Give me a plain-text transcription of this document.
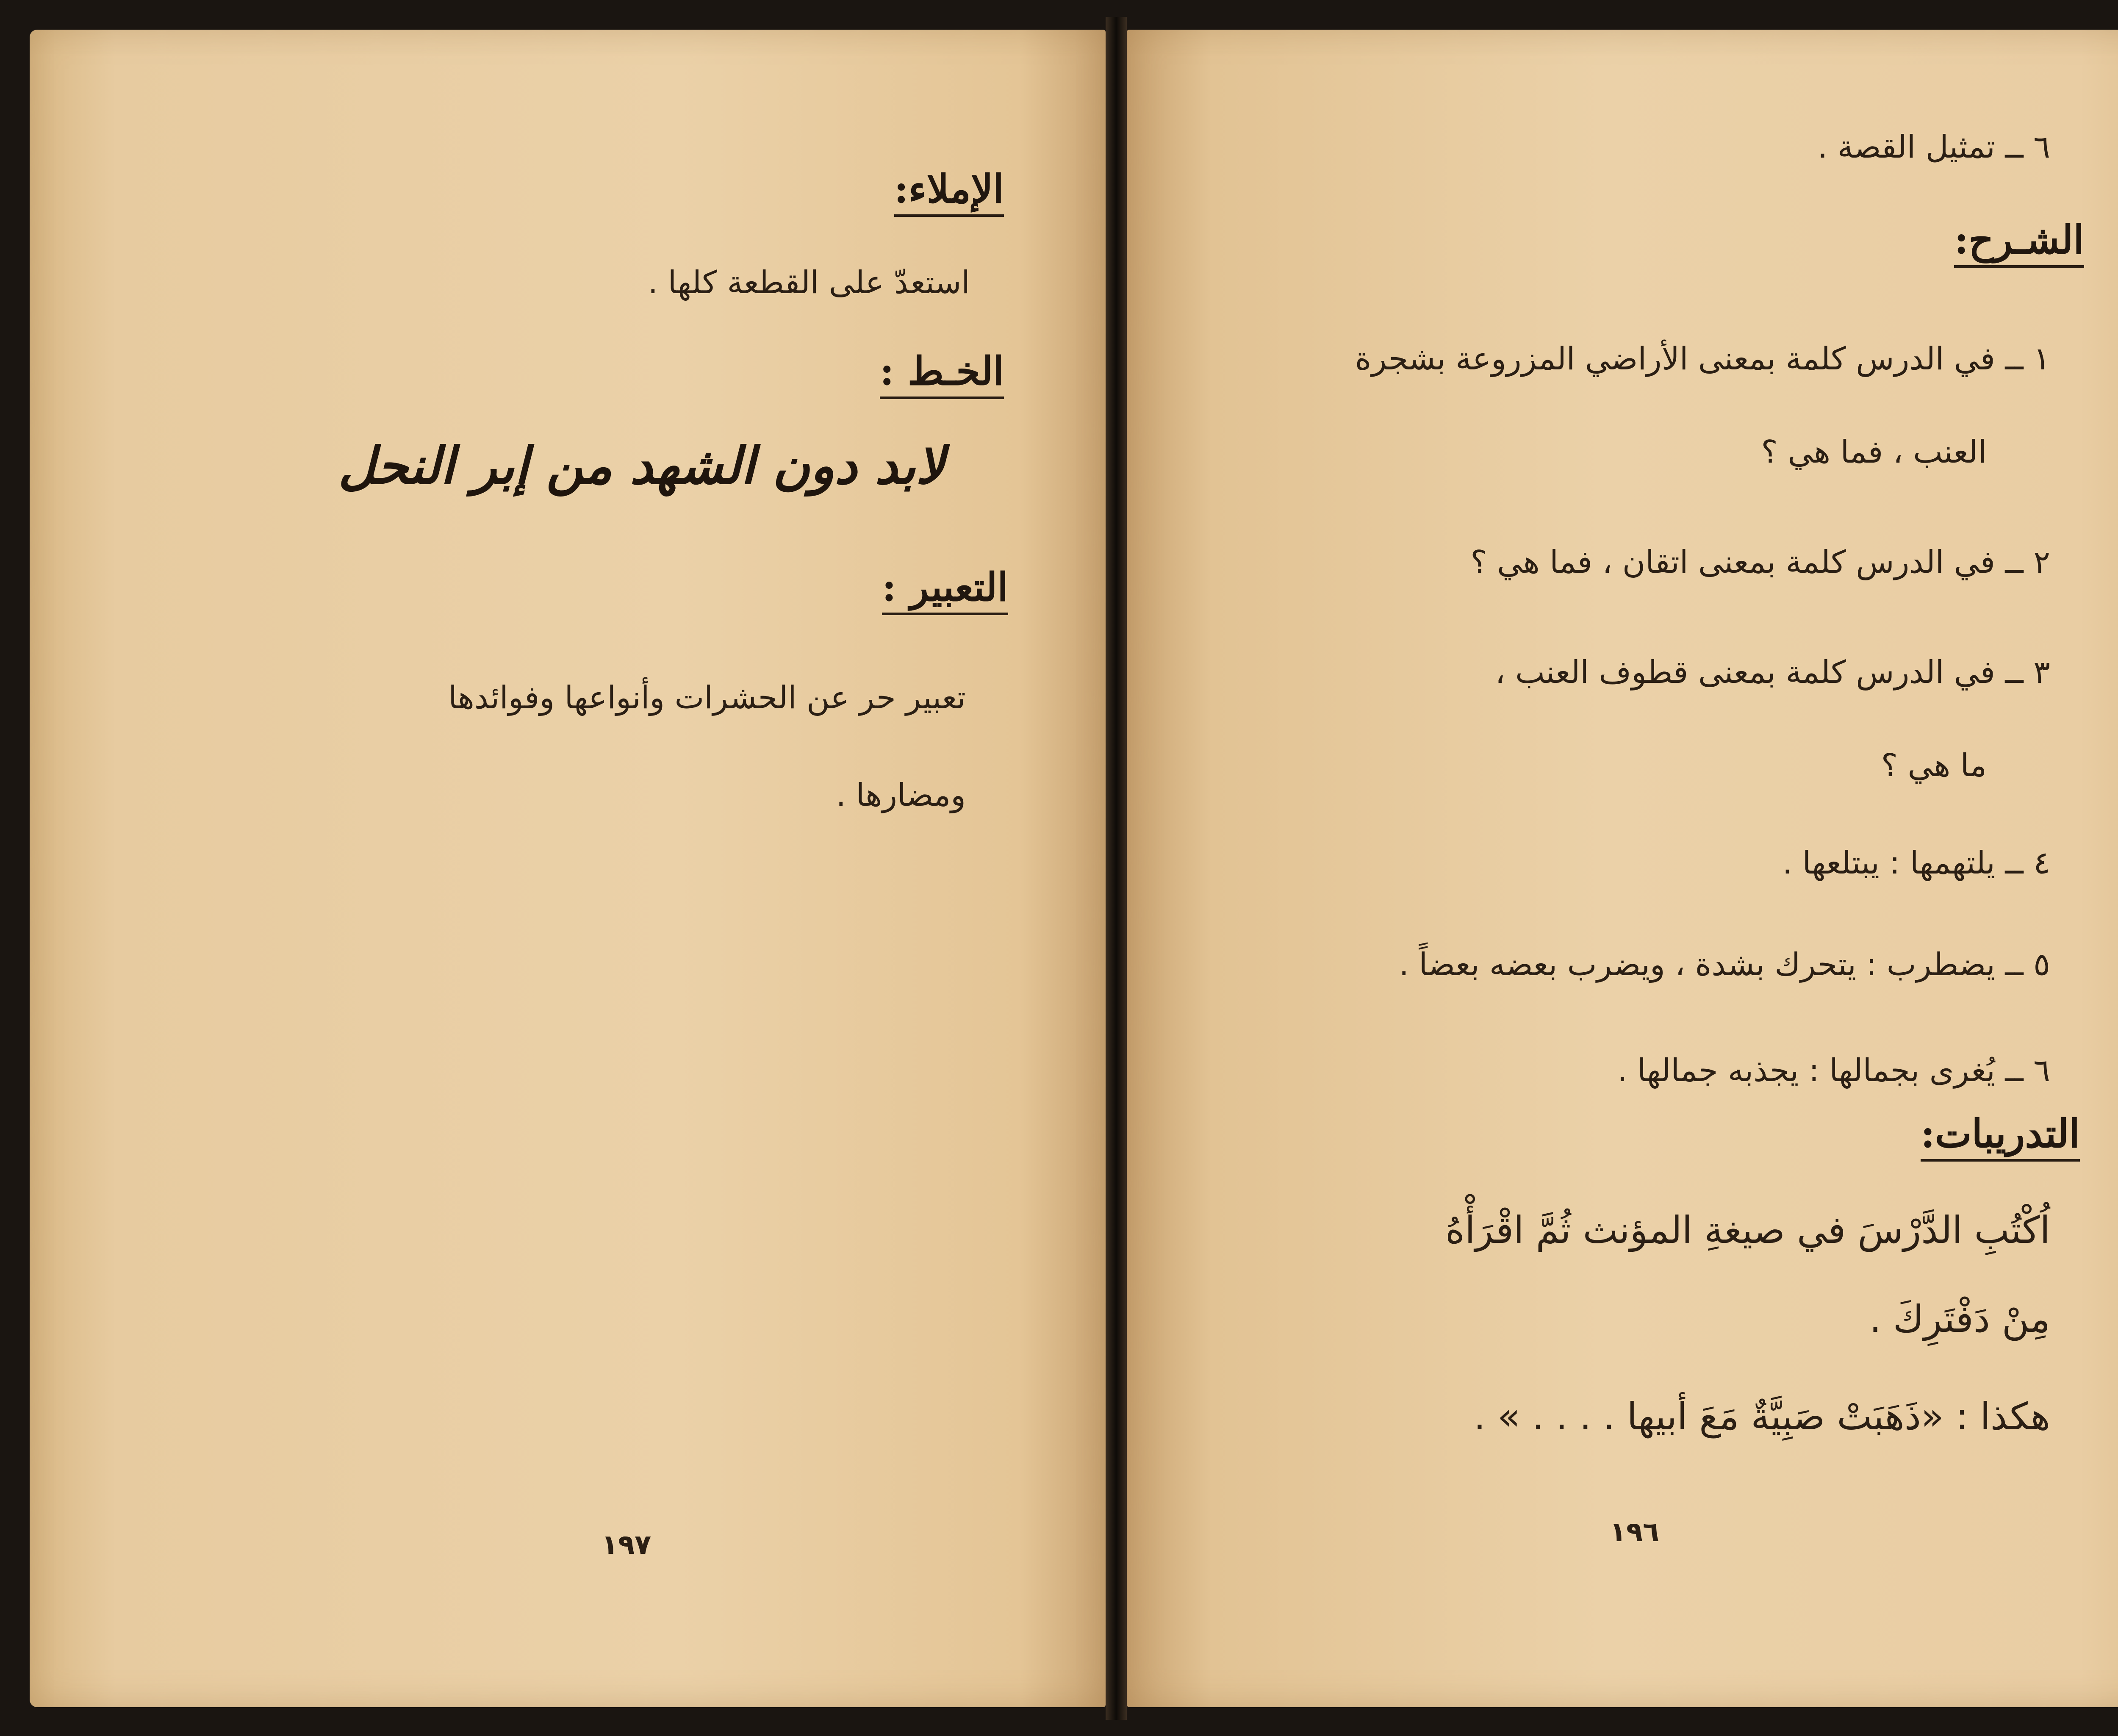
الإملاء:
استعدّ على القطعة كلها .
الخـط :
لابد دون الشهد من إبر النحل
التعبير :
تعبير حر عن الحشرات وأنواعها وفوائدها
ومضارها .
١٩٧
٦ ــ تمثيل القصة .
الشـرح:
١ ــ في الدرس كلمة بمعنى الأراضي المزروعة بشجرة
العنب ، فما هي ؟
٢ ــ في الدرس كلمة بمعنى اتقان ، فما هي ؟
٣ ــ في الدرس كلمة بمعنى قطوف العنب ،
ما هي ؟
٤ ــ يلتهمها : يبتلعها .
٥ ــ يضطرب : يتحرك بشدة ، ويضرب بعضه بعضاً .
٦ ــ يُغرى بجمالها : يجذبه جمالها .
التدريبات:
اُكْتُبِ الدَّرْسَ في صيغةِ المؤنث ثُمَّ اقْرَأْهُ
مِنْ دَفْتَرِكَ .
هكذا : «ذَهَبَتْ صَبِيَّةٌ مَعَ أبيها . . . . » .
١٩٦
